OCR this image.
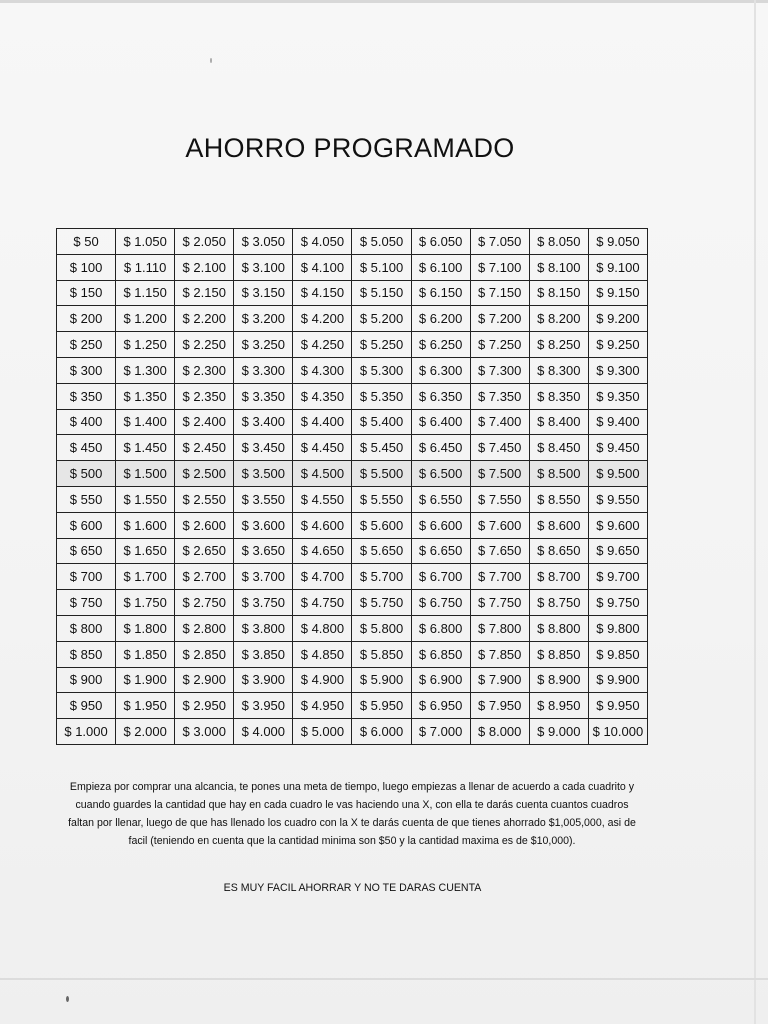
AHORRO PROGRAMADO
$ 50	$ 1.050	$ 2.050	$ 3.050	$ 4.050	$ 5.050	$ 6.050	$ 7.050	$ 8.050	$ 9.050
$ 100	$ 1.110	$ 2.100	$ 3.100	$ 4.100	$ 5.100	$ 6.100	$ 7.100	$ 8.100	$ 9.100
$ 150	$ 1.150	$ 2.150	$ 3.150	$ 4.150	$ 5.150	$ 6.150	$ 7.150	$ 8.150	$ 9.150
$ 200	$ 1.200	$ 2.200	$ 3.200	$ 4.200	$ 5.200	$ 6.200	$ 7.200	$ 8.200	$ 9.200
$ 250	$ 1.250	$ 2.250	$ 3.250	$ 4.250	$ 5.250	$ 6.250	$ 7.250	$ 8.250	$ 9.250
$ 300	$ 1.300	$ 2.300	$ 3.300	$ 4.300	$ 5.300	$ 6.300	$ 7.300	$ 8.300	$ 9.300
$ 350	$ 1.350	$ 2.350	$ 3.350	$ 4.350	$ 5.350	$ 6.350	$ 7.350	$ 8.350	$ 9.350
$ 400	$ 1.400	$ 2.400	$ 3.400	$ 4.400	$ 5.400	$ 6.400	$ 7.400	$ 8.400	$ 9.400
$ 450	$ 1.450	$ 2.450	$ 3.450	$ 4.450	$ 5.450	$ 6.450	$ 7.450	$ 8.450	$ 9.450
$ 500	$ 1.500	$ 2.500	$ 3.500	$ 4.500	$ 5.500	$ 6.500	$ 7.500	$ 8.500	$ 9.500
$ 550	$ 1.550	$ 2.550	$ 3.550	$ 4.550	$ 5.550	$ 6.550	$ 7.550	$ 8.550	$ 9.550
$ 600	$ 1.600	$ 2.600	$ 3.600	$ 4.600	$ 5.600	$ 6.600	$ 7.600	$ 8.600	$ 9.600
$ 650	$ 1.650	$ 2.650	$ 3.650	$ 4.650	$ 5.650	$ 6.650	$ 7.650	$ 8.650	$ 9.650
$ 700	$ 1.700	$ 2.700	$ 3.700	$ 4.700	$ 5.700	$ 6.700	$ 7.700	$ 8.700	$ 9.700
$ 750	$ 1.750	$ 2.750	$ 3.750	$ 4.750	$ 5.750	$ 6.750	$ 7.750	$ 8.750	$ 9.750
$ 800	$ 1.800	$ 2.800	$ 3.800	$ 4.800	$ 5.800	$ 6.800	$ 7.800	$ 8.800	$ 9.800
$ 850	$ 1.850	$ 2.850	$ 3.850	$ 4.850	$ 5.850	$ 6.850	$ 7.850	$ 8.850	$ 9.850
$ 900	$ 1.900	$ 2.900	$ 3.900	$ 4.900	$ 5.900	$ 6.900	$ 7.900	$ 8.900	$ 9.900
$ 950	$ 1.950	$ 2.950	$ 3.950	$ 4.950	$ 5.950	$ 6.950	$ 7.950	$ 8.950	$ 9.950
$ 1.000	$ 2.000	$ 3.000	$ 4.000	$ 5.000	$ 6.000	$ 7.000	$ 8.000	$ 9.000	$ 10.000
Empieza por comprar una alcancia, te pones una meta de tiempo, luego empiezas a llenar de acuerdo a cada cuadrito y cuando guardes la cantidad que hay en cada cuadro le vas haciendo una X, con ella te darás cuenta cuantos cuadros faltan por llenar, luego de que has llenado los cuadro con la X te darás cuenta de que tienes ahorrado $1,005,000, asi de facil (teniendo en cuenta que la cantidad minima son $50 y la cantidad maxima es de $10,000).
ES MUY FACIL AHORRAR Y NO TE DARAS CUENTA
